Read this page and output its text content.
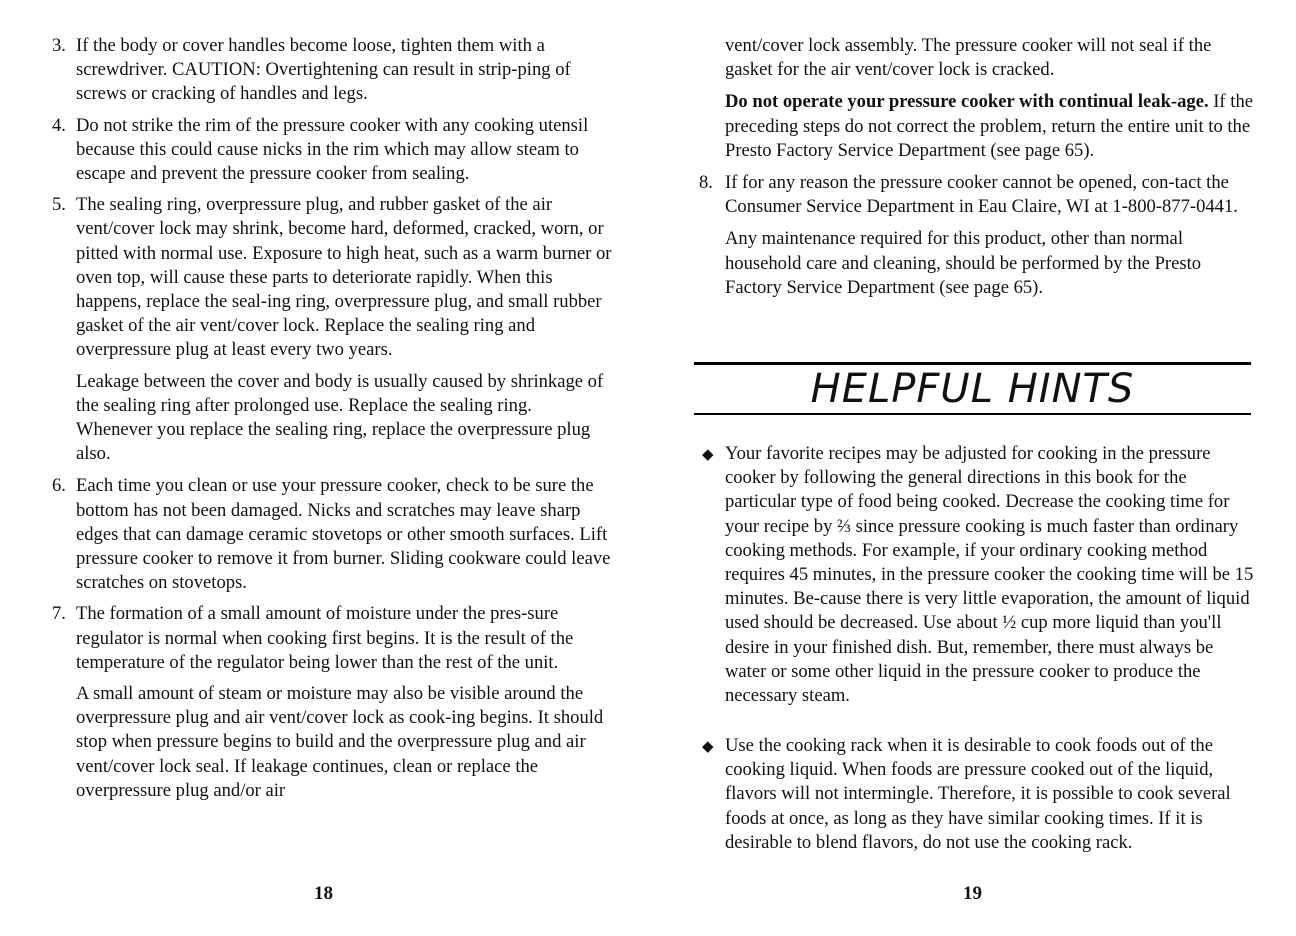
3. If the body or cover handles become loose, tighten them with a screwdriver. CAUTION: Overtightening can result in strip-ping of screws or cracking of handles and legs.
4. Do not strike the rim of the pressure cooker with any cooking utensil because this could cause nicks in the rim which may allow steam to escape and prevent the pressure cooker from sealing.
5. The sealing ring, overpressure plug, and rubber gasket of the air vent/cover lock may shrink, become hard, deformed, cracked, worn, or pitted with normal use. Exposure to high heat, such as a warm burner or oven top, will cause these parts to deteriorate rapidly. When this happens, replace the seal-ing ring, overpressure plug, and small rubber gasket of the air vent/cover lock. Replace the sealing ring and overpressure plug at least every two years.
Leakage between the cover and body is usually caused by shrinkage of the sealing ring after prolonged use. Replace the sealing ring. Whenever you replace the sealing ring, replace the overpressure plug also.
6. Each time you clean or use your pressure cooker, check to be sure the bottom has not been damaged. Nicks and scratches may leave sharp edges that can damage ceramic stovetops or other smooth surfaces. Lift pressure cooker to remove it from burner. Sliding cookware could leave scratches on stovetops.
7. The formation of a small amount of moisture under the pres-sure regulator is normal when cooking first begins. It is the result of the temperature of the regulator being lower than the rest of the unit.
A small amount of steam or moisture may also be visible around the overpressure plug and air vent/cover lock as cook-ing begins. It should stop when pressure begins to build and the overpressure plug and air vent/cover lock seal. If leakage continues, clean or replace the overpressure plug and/or air
18
vent/cover lock assembly. The pressure cooker will not seal if the gasket for the air vent/cover lock is cracked.
Do not operate your pressure cooker with continual leak-age. If the preceding steps do not correct the problem, return the entire unit to the Presto Factory Service Department (see page 65).
8. If for any reason the pressure cooker cannot be opened, con-tact the Consumer Service Department in Eau Claire, WI at 1-800-877-0441.
Any maintenance required for this product, other than normal household care and cleaning, should be performed by the Presto Factory Service Department (see page 65).
HELPFUL HINTS
◆ Your favorite recipes may be adjusted for cooking in the pressure cooker by following the general directions in this book for the particular type of food being cooked. Decrease the cooking time for your recipe by ⅔ since pressure cooking is much faster than ordinary cooking methods. For example, if your ordinary cooking method requires 45 minutes, in the pressure cooker the cooking time will be 15 minutes. Be-cause there is very little evaporation, the amount of liquid used should be decreased. Use about ½ cup more liquid than you'll desire in your finished dish. But, remember, there must always be water or some other liquid in the pressure cooker to produce the necessary steam.
◆ Use the cooking rack when it is desirable to cook foods out of the cooking liquid. When foods are pressure cooked out of the liquid, flavors will not intermingle. Therefore, it is possible to cook several foods at once, as long as they have similar cooking times. If it is desirable to blend flavors, do not use the cooking rack.
19
